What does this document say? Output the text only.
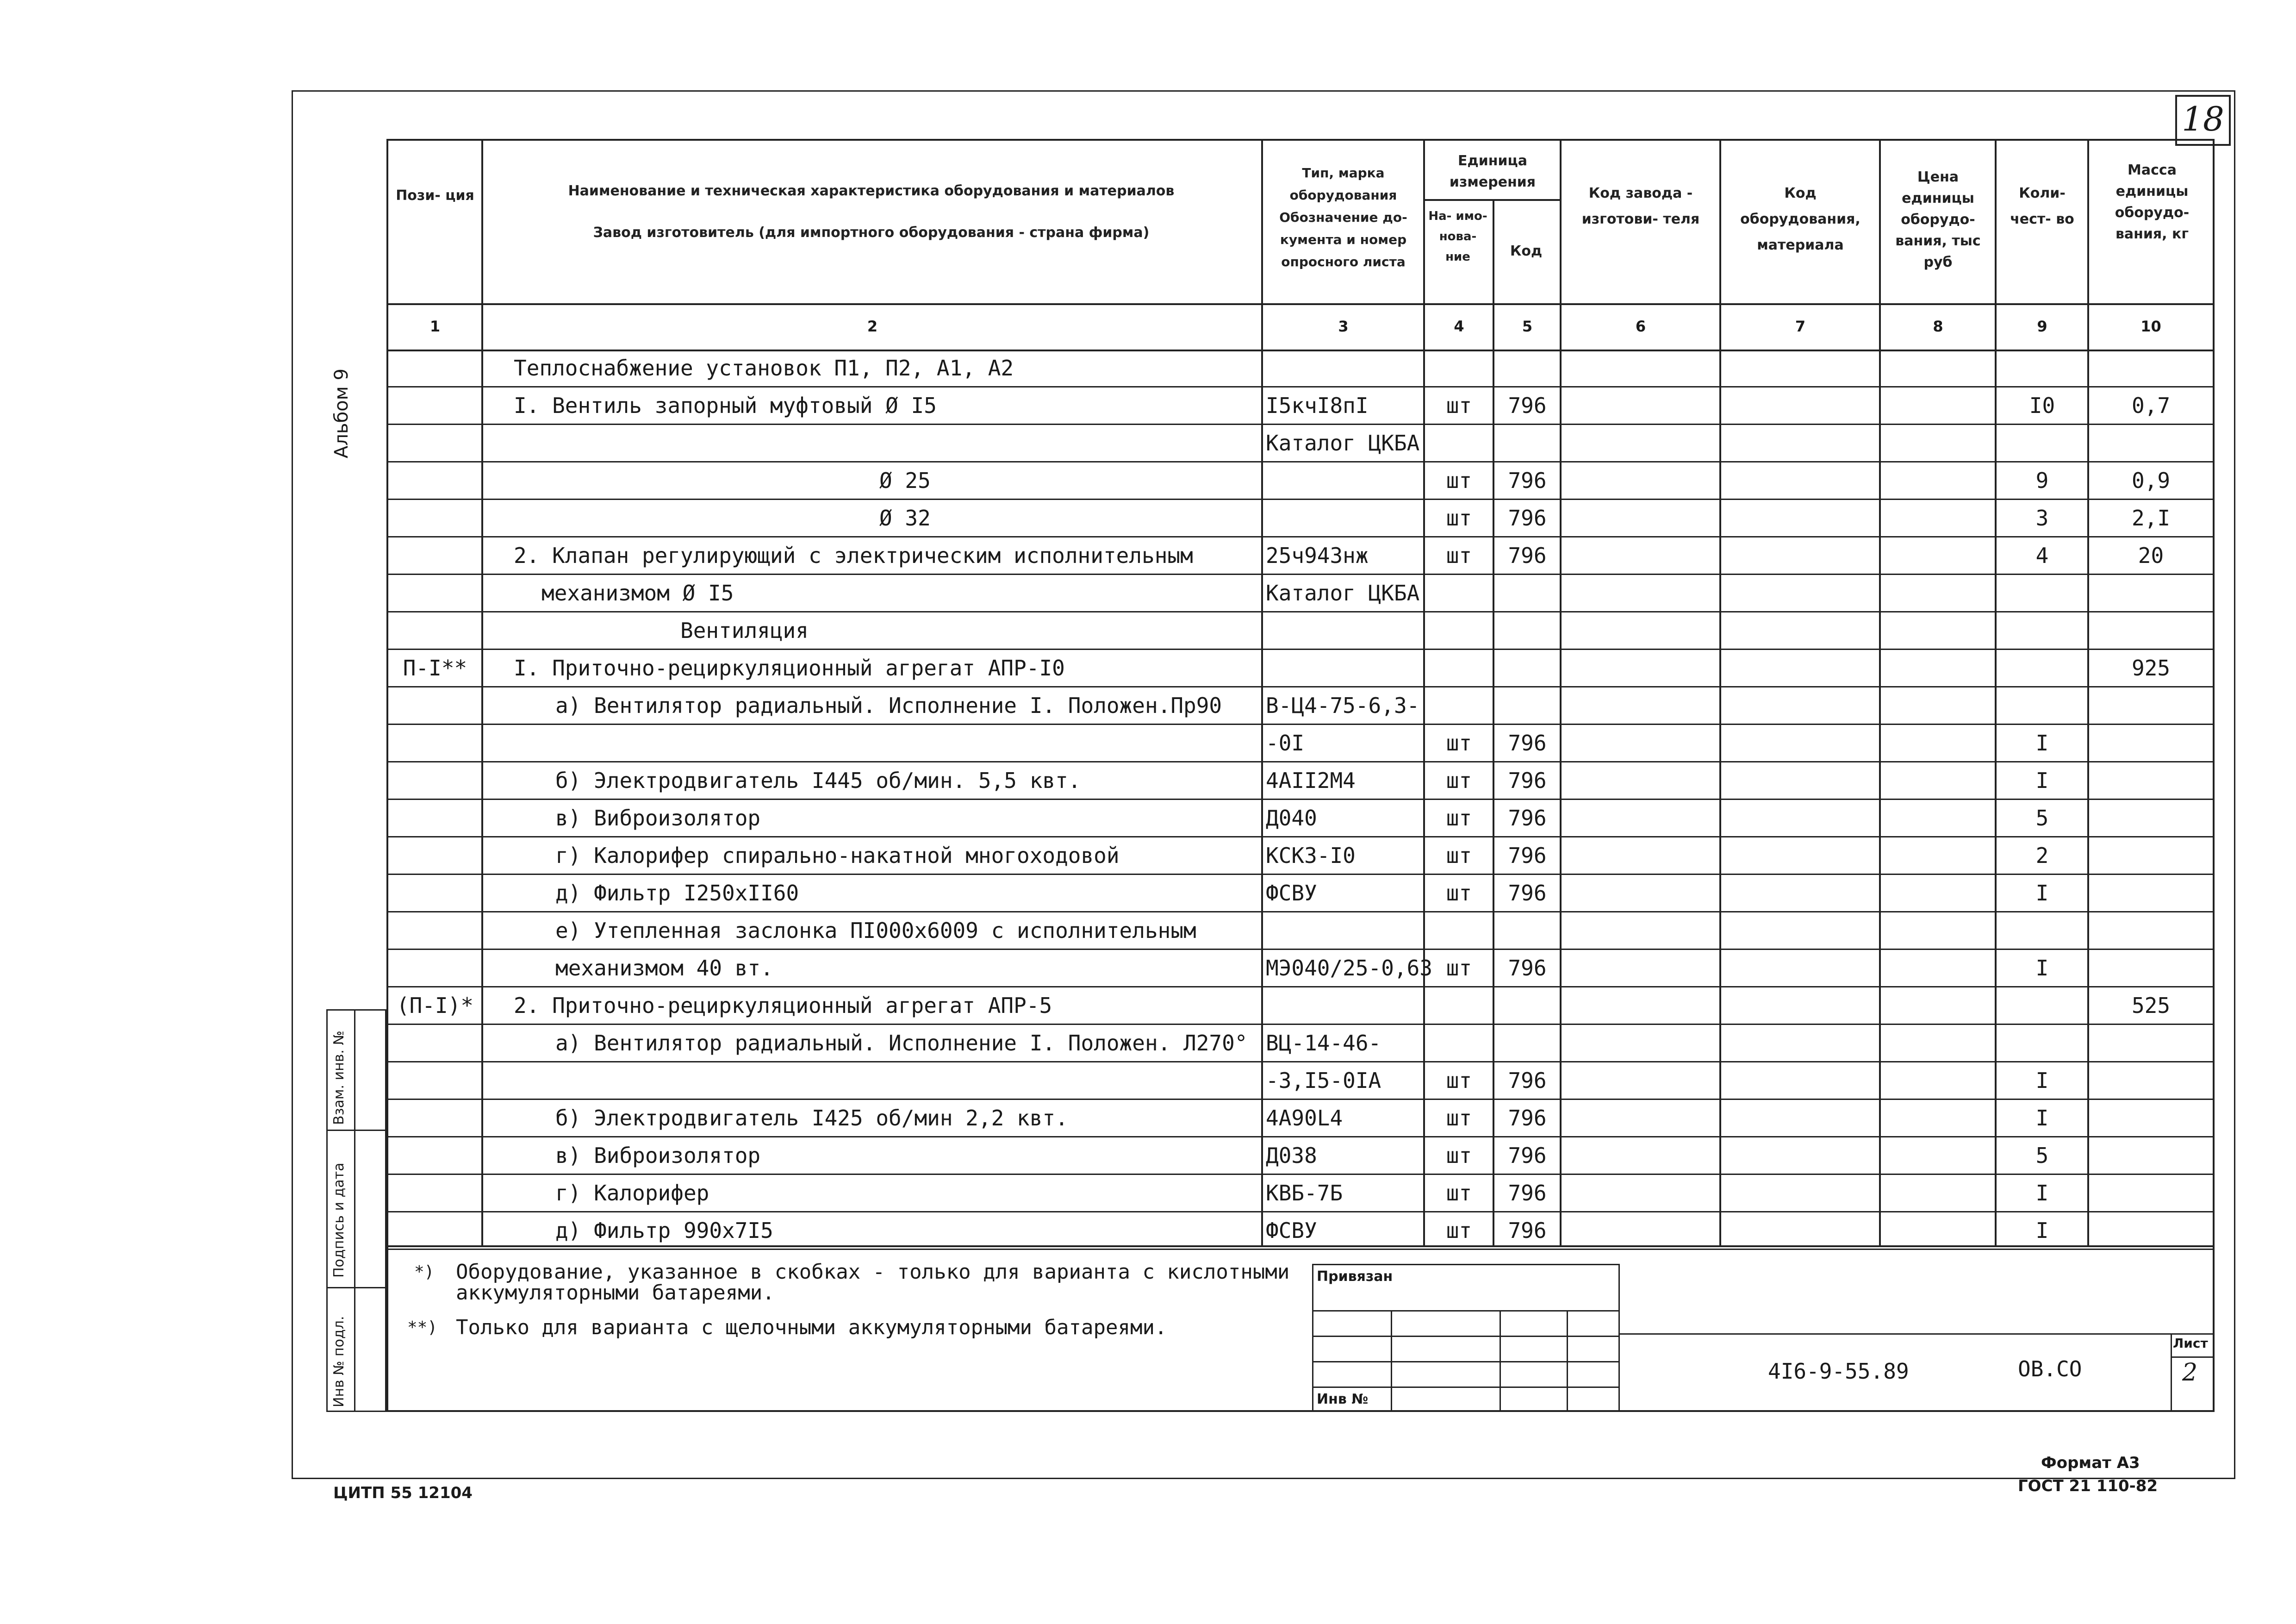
18
Альбом 9
Пози- ция	Наименование и техническая характеристика оборудования и материалов
Завод изготовитель (для импортного оборудования - страна фирма)
Тип, марка оборудования Обозначение до- кумента и номер опросного листа
Единица измерения
На- имо- нова- ние	Код
Код завода - изготови- теля
Код оборудования, материала
Цена единицы оборудо- вания, тыс руб
Коли- чест- во
Масса единицы оборудо- вания, кг
1	2	3	4	5	6	7	8	9	10
Теплоснабжение установок П1, П2, А1, А2
I. Вентиль запорный муфтовый Ø I5	I5кчI8пI	шт	796	I0	0,7
Каталог ЦКБА
Ø 25	шт	796	9	0,9
Ø 32	шт	796	3	2,I
2. Клапан регулирующий с электрическим исполнительным	25ч943нж	шт	796	4	20
механизмом Ø I5	Каталог ЦКБА
Вентиляция
П-I**	I. Приточно-рециркуляционный агрегат АПР-I0	925
а) Вентилятор радиальный. Исполнение I. Положен.Пр90	В-Ц4-75-6,3-
-0I	шт	796	I
б) Электродвигатель I445 об/мин. 5,5 квт.	4АII2М4	шт	796	I
в) Виброизолятор	Д040	шт	796	5
г) Калорифер спирально-накатной многоходовой	КСКЗ-I0	шт	796	2
д) Фильтр I250хII60	ФСВУ	шт	796	I
е) Утепленная заслонка ПI000х6009 с исполнительным
механизмом 40 вт.	МЭ040/25-0,63 шт	796	I
(П-I)* 2. Приточно-рециркуляционный агрегат АПР-5	525
а) Вентилятор радиальный. Исполнение I. Положен. Л270° ВЦ-14-46-
-3,I5-0IА	шт	796	I
б) Электродвигатель I425 об/мин 2,2 квт.	4А90L4	шт	796	I
в) Виброизолятор	Д038	шт	796	5
г) Калорифер	КВБ-7Б	шт	796	I
д) Фильтр 990х7I5	ФСВУ	шт	796	I
*) Оборудование, указанное в скобках - только для варианта с кислотными
аккумуляторными батареями.
**) Только для варианта с щелочными аккумуляторными батареями.
Привязан
Инв №
4I6-9-55.89	ОВ.СО
Лист
2
Взам. инв. №
Подпись и дата
Инв № подл.
ЦИТП 55 12104
Формат А3
ГОСТ 21 110-82
